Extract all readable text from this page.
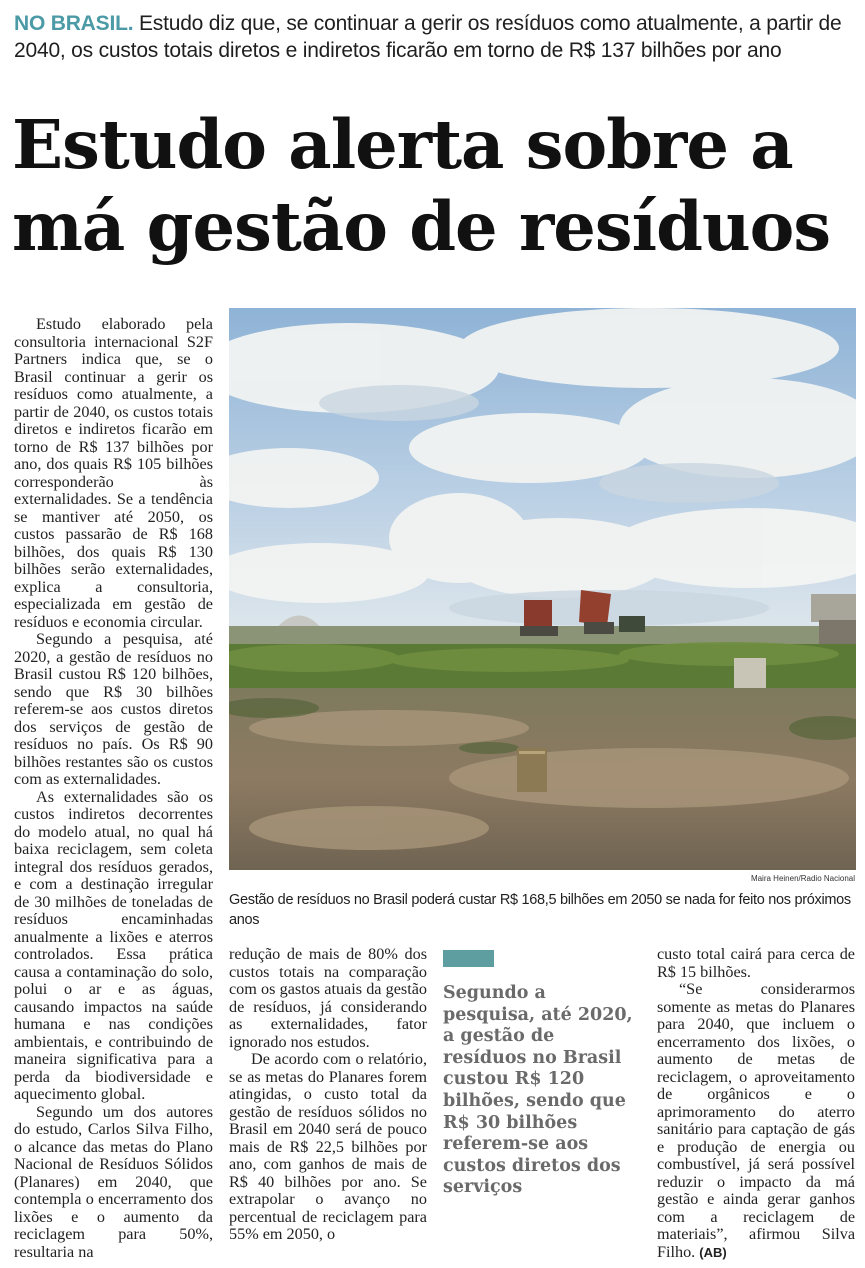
NO BRASIL. Estudo diz que, se continuar a gerir os resíduos como atualmente, a partir de 2040, os custos totais diretos e indiretos ficarão em torno de R$ 137 bilhões por ano
Estudo alerta sobre a
má gestão de resíduos

Estudo elaborado pela consultoria internacional S2F Partners indica que, se o Brasil continuar a gerir os resíduos como atualmente, a partir de 2040, os custos totais diretos e indiretos ficarão em torno de R$ 137 bilhões por ano, dos quais R$ 105 bilhões corresponderão às externalidades. Se a tendência se mantiver até 2050, os custos passarão de R$ 168 bilhões, dos quais R$ 130 bilhões serão externalidades, explica a consultoria, especializada em gestão de resíduos e economia circular.

Segundo a pesquisa, até 2020, a gestão de resíduos no Brasil custou R$ 120 bilhões, sendo que R$ 30 bilhões referem-se aos custos diretos dos serviços de gestão de resíduos no país. Os R$ 90 bilhões restantes são os custos com as externalidades.

As externalidades são os custos indiretos decorrentes do modelo atual, no qual há baixa reciclagem, sem coleta integral dos resíduos gerados, e com a destinação irregular de 30 milhões de toneladas de resíduos encaminhadas anualmente a lixões e aterros controlados. Essa prática causa a contaminação do solo, polui o ar e as águas, causando impactos na saúde humana e nas condições ambientais, e contribuindo de maneira significativa para a perda da biodiversidade e aquecimento global.

Segundo um dos autores do estudo, Carlos Silva Filho, o alcance das metas do Plano Nacional de Resíduos Sólidos (Planares) em 2040, que contempla o encerramento dos lixões e o aumento da reciclagem para 50%, resultaria na

Maira Heinen/Radio Nacional
Gestão de resíduos no Brasil poderá custar R$ 168,5 bilhões em 2050 se nada for feito nos próximos anos

redução de mais de 80% dos custos totais na comparação com os gastos atuais da gestão de resíduos, já considerando as externalidades, fator ignorado nos estudos.

De acordo com o relatório, se as metas do Planares forem atingidas, o custo total da gestão de resíduos sólidos no Brasil em 2040 será de pouco mais de R$ 22,5 bilhões por ano, com ganhos de mais de R$ 40 bilhões por ano. Se extrapolar o avanço no percentual de reciclagem para 55% em 2050, o

Segundo a pesquisa, até 2020, a gestão de resíduos no Brasil custou R$ 120 bilhões, sendo que R$ 30 bilhões referem-se aos custos diretos dos serviços

custo total cairá para cerca de R$ 15 bilhões.

“Se considerarmos somente as metas do Planares para 2040, que incluem o encerramento dos lixões, o aumento de metas de reciclagem, o aproveitamento de orgânicos e o aprimoramento do aterro sanitário para captação de gás e produção de energia ou combustível, já será possível reduzir o impacto da má gestão e ainda gerar ganhos com a reciclagem de materiais”, afirmou Silva Filho. (AB)
